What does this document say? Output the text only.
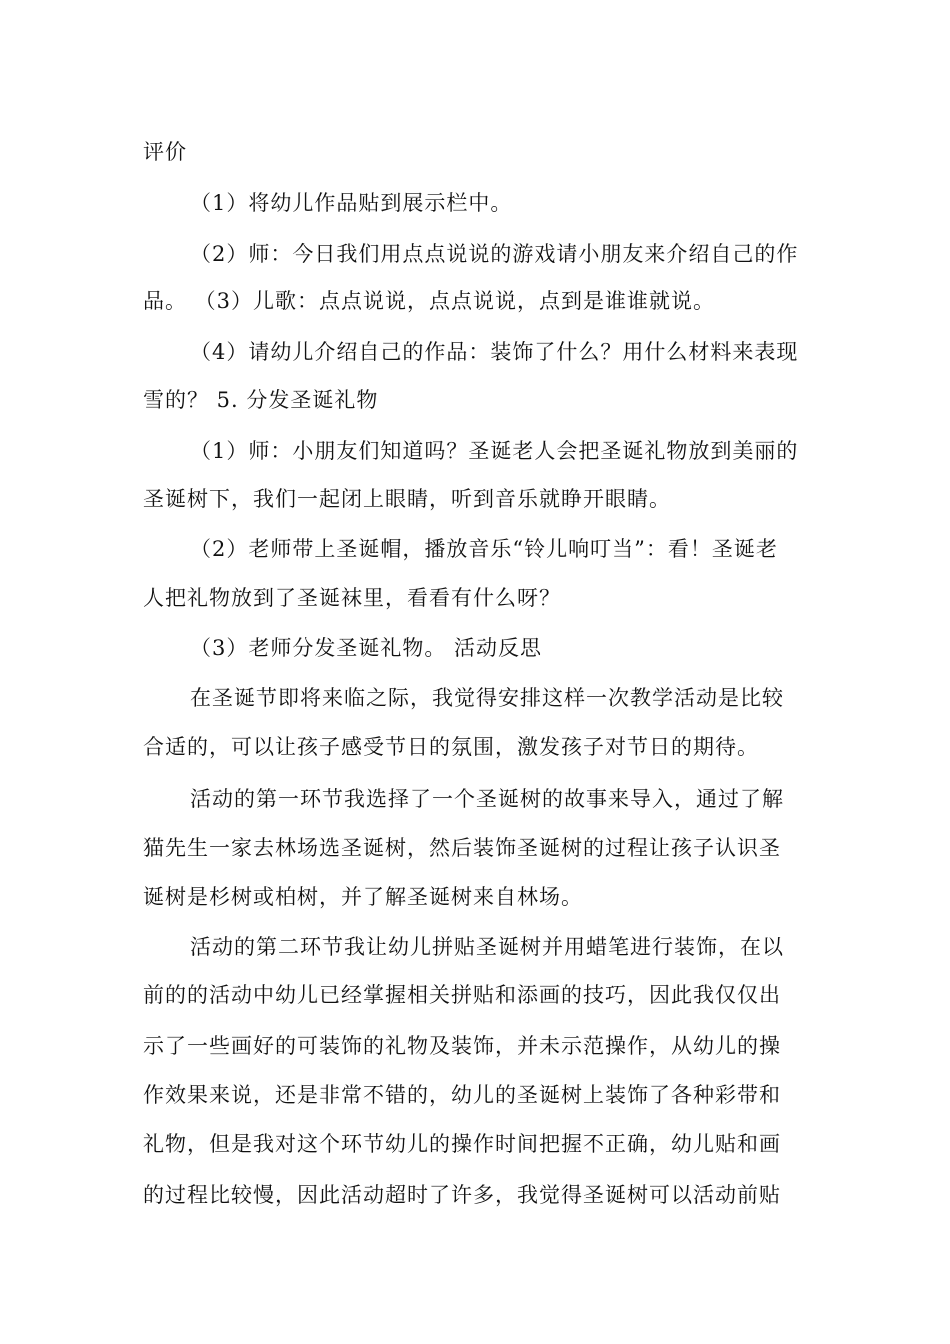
评价
（1）将幼儿作品贴到展示栏中。
（2）师：今日我们用点点说说的游戏请小朋友来介绍自己的作
品。 （3）儿歌：点点说说，点点说说，点到是谁谁就说。
（4）请幼儿介绍自己的作品：装饰了什么？用什么材料来表现
雪的？ 5. 分发圣诞礼物
（1）师：小朋友们知道吗？圣诞老人会把圣诞礼物放到美丽的
圣诞树下，我们一起闭上眼睛，听到音乐就睁开眼睛。
（2）老师带上圣诞帽，播放音乐“铃儿响叮当”：看！圣诞老
人把礼物放到了圣诞袜里，看看有什么呀？
（3）老师分发圣诞礼物。 活动反思
在圣诞节即将来临之际，我觉得安排这样一次教学活动是比较
合适的，可以让孩子感受节日的氛围，激发孩子对节日的期待。
活动的第一环节我选择了一个圣诞树的故事来导入，通过了解
猫先生一家去林场选圣诞树，然后装饰圣诞树的过程让孩子认识圣
诞树是杉树或柏树，并了解圣诞树来自林场。
活动的第二环节我让幼儿拼贴圣诞树并用蜡笔进行装饰，在以
前的的活动中幼儿已经掌握相关拼贴和添画的技巧，因此我仅仅出
示了一些画好的可装饰的礼物及装饰，并未示范操作，从幼儿的操
作效果来说，还是非常不错的，幼儿的圣诞树上装饰了各种彩带和
礼物，但是我对这个环节幼儿的操作时间把握不正确，幼儿贴和画
的过程比较慢，因此活动超时了许多，我觉得圣诞树可以活动前贴
